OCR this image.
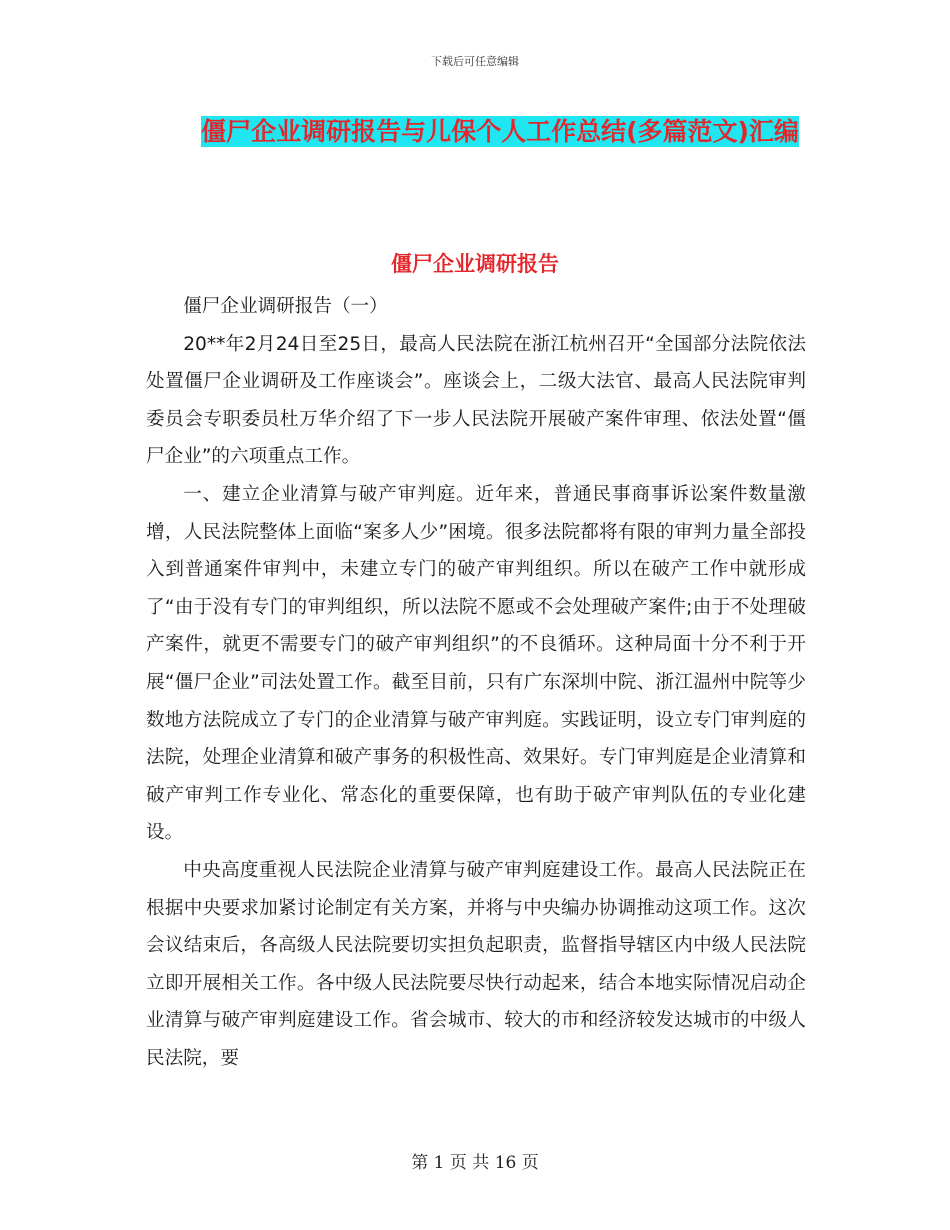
下载后可任意编辑
僵尸企业调研报告与儿保个人工作总结(多篇范文)汇编
僵尸企业调研报告

僵尸企业调研报告（一）

20**年2月24日至25日，最高人民法院在浙江杭州召开“全国部分法院依法处置僵尸企业调研及工作座谈会”。座谈会上，二级大法官、最高人民法院审判委员会专职委员杜万华介绍了下一步人民法院开展破产案件审理、依法处置“僵尸企业”的六项重点工作。

一、建立企业清算与破产审判庭。近年来，普通民事商事诉讼案件数量激增，人民法院整体上面临“案多人少”困境。很多法院都将有限的审判力量全部投入到普通案件审判中，未建立专门的破产审判组织。所以在破产工作中就形成了“由于没有专门的审判组织，所以法院不愿或不会处理破产案件;由于不处理破产案件，就更不需要专门的破产审判组织”的不良循环。这种局面十分不利于开展“僵尸企业”司法处置工作。截至目前，只有广东深圳中院、浙江温州中院等少数地方法院成立了专门的企业清算与破产审判庭。实践证明，设立专门审判庭的法院，处理企业清算和破产事务的积极性高、效果好。专门审判庭是企业清算和破产审判工作专业化、常态化的重要保障，也有助于破产审判队伍的专业化建设。

中央高度重视人民法院企业清算与破产审判庭建设工作。最高人民法院正在根据中央要求加紧讨论制定有关方案，并将与中央编办协调推动这项工作。这次会议结束后，各高级人民法院要切实担负起职责，监督指导辖区内中级人民法院立即开展相关工作。各中级人民法院要尽快行动起来，结合本地实际情况启动企业清算与破产审判庭建设工作。省会城市、较大的市和经济较发达城市的中级人民法院，要

第 1 页 共 16 页
